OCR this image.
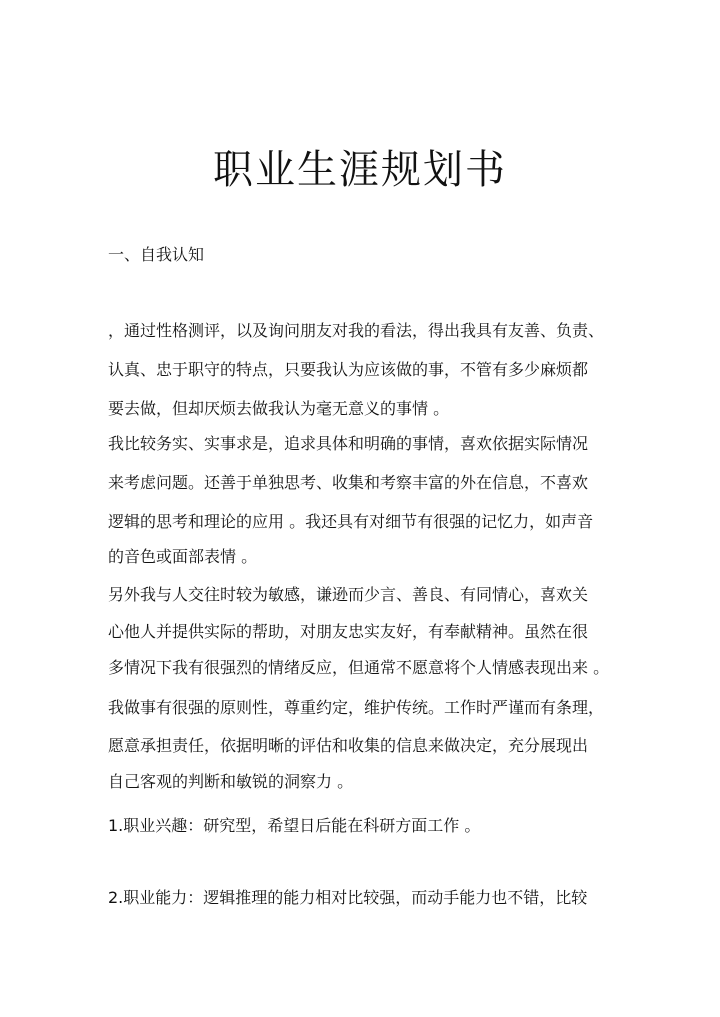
职业生涯规划书
一、自我认知
，通过性格测评，以及询问朋友对我的看法，得出我具有友善、负责、
认真、忠于职守的特点，只要我认为应该做的事，不管有多少麻烦都
要去做，但却厌烦去做我认为毫无意义的事情 。
我比较务实、实事求是，追求具体和明确的事情，喜欢依据实际情况
来考虑问题。还善于单独思考、收集和考察丰富的外在信息，不喜欢
逻辑的思考和理论的应用 。我还具有对细节有很强的记忆力，如声音
的音色或面部表情 。
另外我与人交往时较为敏感，谦逊而少言、善良、有同情心，喜欢关
心他人并提供实际的帮助，对朋友忠实友好，有奉献精神。虽然在很
多情况下我有很强烈的情绪反应，但通常不愿意将个人情感表现出来 。
我做事有很强的原则性，尊重约定，维护传统。工作时严谨而有条理，
愿意承担责任，依据明晰的评估和收集的信息来做决定，充分展现出
自己客观的判断和敏锐的洞察力 。
1.职业兴趣：研究型，希望日后能在科研方面工作 。
2.职业能力：逻辑推理的能力相对比较强，而动手能力也不错，比较
